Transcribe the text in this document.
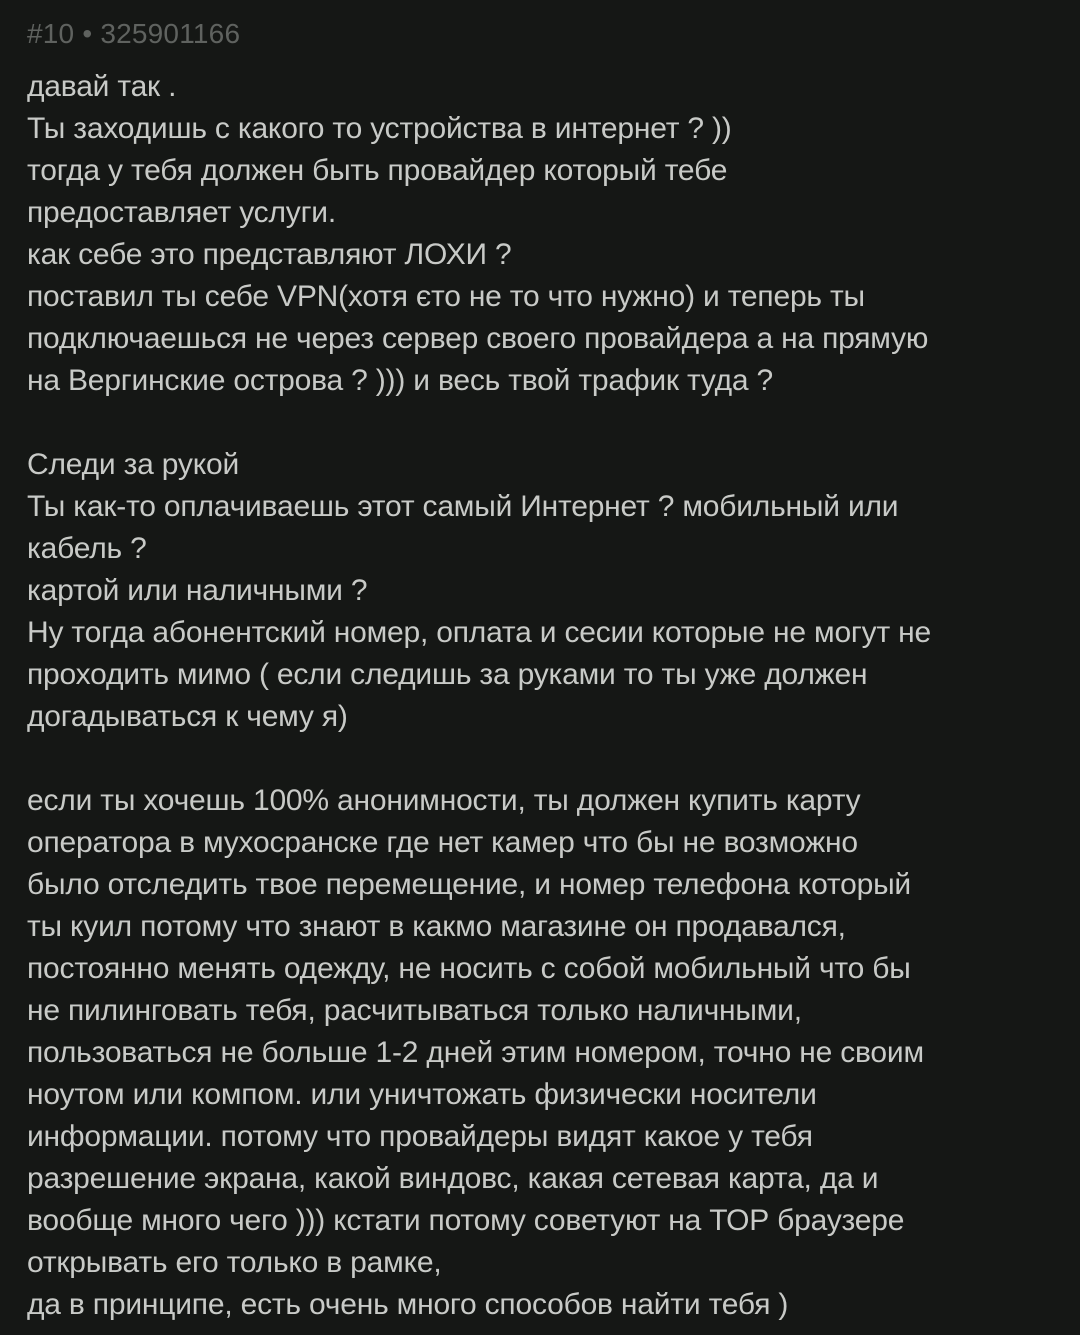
#10 • 325901166
давай так .
Ты заходишь с какого то устройства в интернет ? ))
тогда у тебя должен быть провайдер который тебе
предоставляет услуги.
как себе это представляют ЛОХИ ?
поставил ты себе VPN(хотя єто не то что нужно) и теперь ты
подключаешься не через сервер своего провайдера а на прямую
на Вергинские острова ? ))) и весь твой трафик туда ?
Следи за рукой
Ты как-то оплачиваешь этот самый Интернет ? мобильный или
кабель ?
картой или наличными ?
Ну тогда абонентский номер, оплата и сесии которые не могут не
проходить мимо ( если следишь за руками то ты уже должен
догадываться к чему я)
если ты хочешь 100% анонимности, ты должен купить карту
оператора в мухосранске где нет камер что бы не возможно
было отследить твое перемещение, и номер телефона который
ты куил потому что знают в какмо магазине он продавался,
постоянно менять одежду, не носить с собой мобильный что бы
не пилинговать тебя, расчитываться только наличными,
пользоваться не больше 1-2 дней этим номером, точно не своим
ноутом или компом. или уничтожать физически носители
информации. потому что провайдеры видят какое у тебя
разрешение экрана, какой виндовс, какая сетевая карта, да и
вообще много чего ))) кстати потому советуют на ТОР браузере
открывать его только в рамке,
да в принципе, есть очень много способов найти тебя )
